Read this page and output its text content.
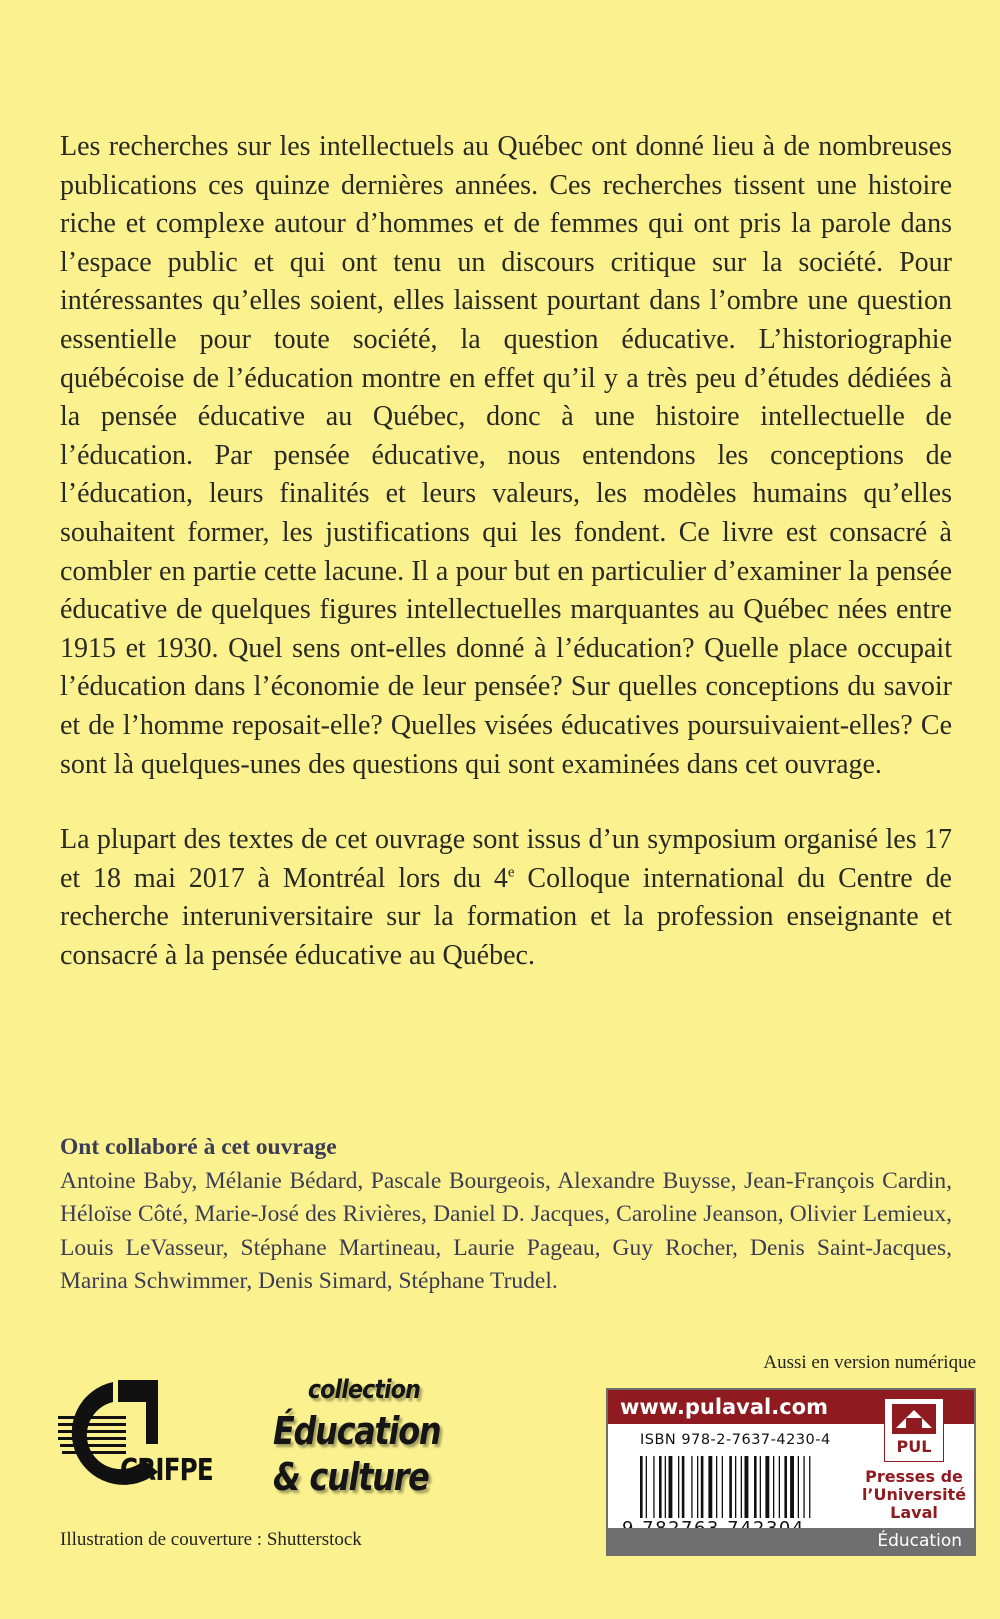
Les recherches sur les intellectuels au Québec ont donné lieu à de nombreuses publications ces quinze dernières années. Ces recherches tissent une histoire riche et complexe autour d’hommes et de femmes qui ont pris la parole dans l’espace public et qui ont tenu un discours critique sur la société. Pour intéressantes qu’elles soient, elles laissent pourtant dans l’ombre une question essentielle pour toute société, la question éducative. L’historiographie québécoise de l’éducation montre en effet qu’il y a très peu d’études dédiées à la pensée éducative au Québec, donc à une histoire intellectuelle de l’éducation. Par pensée éducative, nous entendons les conceptions de l’éducation, leurs finalités et leurs valeurs, les modèles humains qu’elles souhaitent former, les justifications qui les fondent. Ce livre est consacré à combler en partie cette lacune. Il a pour but en particulier d’examiner la pensée éducative de quelques figures intellectuelles marquantes au Québec nées entre 1915 et 1930. Quel sens ont-elles donné à l’éducation? Quelle place occupait l’éducation dans l’économie de leur pensée? Sur quelles conceptions du savoir et de l’homme reposait-elle? Quelles visées éducatives poursuivaient-elles? Ce sont là quelques-unes des questions qui sont examinées dans cet ouvrage.

La plupart des textes de cet ouvrage sont issus d’un symposium organisé les 17 et 18 mai 2017 à Montréal lors du 4e Colloque international du Centre de recherche interuniversitaire sur la formation et la profession enseignante et consacré à la pensée éducative au Québec.

Ont collaboré à cet ouvrage
Antoine Baby, Mélanie Bédard, Pascale Bourgeois, Alexandre Buysse, Jean-François Cardin, Héloïse Côté, Marie-José des Rivières, Daniel D. Jacques, Caroline Jeanson, Olivier Lemieux, Louis LeVasseur, Stéphane Martineau, Laurie Pageau, Guy Rocher, Denis Saint-Jacques, Marina Schwimmer, Denis Simard, Stéphane Trudel.
Aussi en version numérique
CRIFPE
collection
Éducation
& culture
Illustration de couverture : Shutterstock
www.pulaval.com
PUL
Presses de
l’Université
Laval
ISBN 978-2-7637-4230-4
Éducation
